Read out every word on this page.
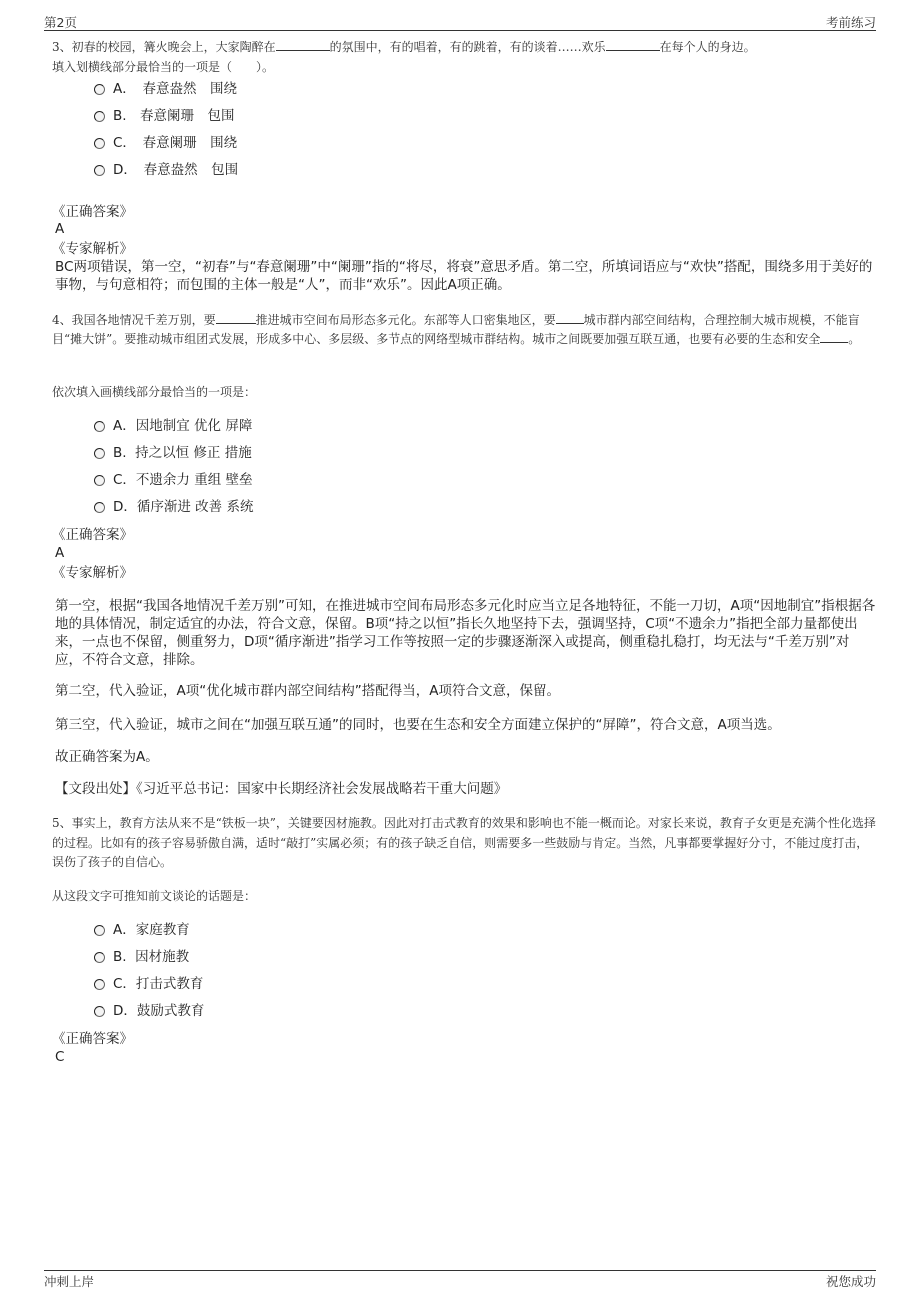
第2页	考前练习
3、初春的校园，篝火晚会上，大家陶醉在	的氛围中，有的唱着，有的跳着，有的谈着……欢乐	在每个人的身边。
填入划横线部分最恰当的一项是（　　）。
A．　春意盎然　围绕
B.　春意阑珊　包围
C．　春意阑珊　围绕
D．　春意盎然　包围
《正确答案》
A
《专家解析》
BC两项错误，第一空，“初春”与“春意阑珊”中“阑珊”指的“将尽，将衰”意思矛盾。第二空，所填词语应与“欢快”搭配，围绕多用于美好的事物，与句意相符；而包围的主体一般是“人”，而非“欢乐”。因此A项正确。
4、我国各地情况千差万别，要	推进城市空间布局形态多元化。东部等人口密集地区，要 城市群内部空间结构，合理控制大城市规模，不能盲目“摊大饼”。要推动城市组团式发展，形成多中心、多层级、多节点的网络型城市群结构。城市之间既要加强互联互通，也要有必要的生态和安全 。
依次填入画横线部分最恰当的一项是：
A．因地制宜 优化 屏障
B.  持之以恒 修正 措施
C．不遗余力 重组 壁垒
D．循序渐进 改善 系统
《正确答案》
A
《专家解析》
第一空，根据“我国各地情况千差万别”可知，在推进城市空间布局形态多元化时应当立足各地特征，不能一刀切，A项“因地制宜”指根据各地的具体情况，制定适宜的办法，符合文意，保留。B项“持之以恒”指长久地坚持下去，强调坚持，C项“不遗余力”指把全部力量都使出来，一点也不保留，侧重努力，D项“循序渐进”指学习工作等按照一定的步骤逐渐深入或提高，侧重稳扎稳打，均无法与“千差万别”对应，不符合文意，排除。
第二空，代入验证，A项“优化城市群内部空间结构”搭配得当，A项符合文意，保留。
第三空，代入验证，城市之间在“加强互联互通”的同时，也要在生态和安全方面建立保护的“屏障”，符合文意，A项当选。
故正确答案为A。
【文段出处】《习近平总书记：国家中长期经济社会发展战略若干重大问题》
5、事实上，教育方法从来不是“铁板一块”，关键要因材施教。因此对打击式教育的效果和影响也不能一概而论。对家长来说，教育子女更是充满个性化选择的过程。比如有的孩子容易骄傲自满，适时“敲打”实属必须；有的孩子缺乏自信，则需要多一些鼓励与肯定。当然，凡事都要掌握好分寸，不能过度打击，误伤了孩子的自信心。
从这段文字可推知前文谈论的话题是：
A．家庭教育
B.  因材施教
C．打击式教育
D．鼓励式教育
《正确答案》
C
冲刺上岸	祝您成功
